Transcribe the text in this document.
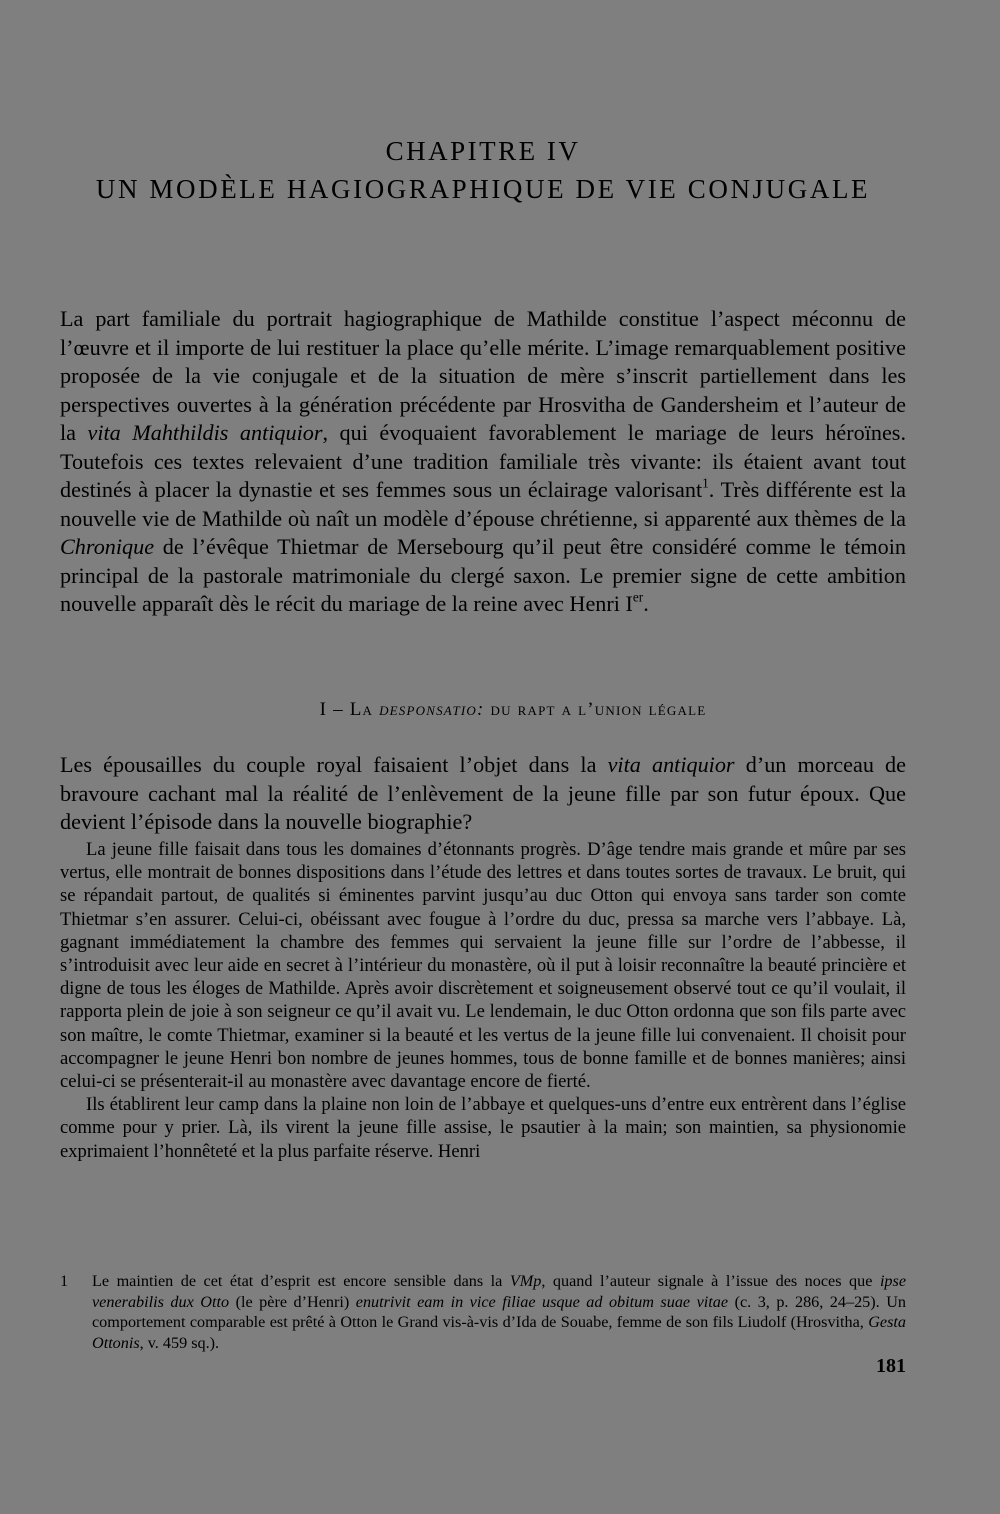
CHAPITRE IV
UN MODÈLE HAGIOGRAPHIQUE DE VIE CONJUGALE

La part familiale du portrait hagiographique de Mathilde constitue l’aspect méconnu de l’œuvre et il importe de lui restituer la place qu’elle mérite. L’image remarquablement positive proposée de la vie conjugale et de la situation de mère s’inscrit partiellement dans les perspectives ouvertes à la génération précédente par Hrosvitha de Gandersheim et l’auteur de la vita Mahthildis antiquior, qui évoquaient favorablement le mariage de leurs héroïnes. Toutefois ces textes relevaient d’une tradition familiale très vivante: ils étaient avant tout destinés à placer la dynastie et ses femmes sous un éclairage valorisant$^1$. Très différente est la nouvelle vie de Mathilde où naît un modèle d’épouse chrétienne, si apparenté aux thèmes de la Chronique de l’évêque Thietmar de Mersebourg qu’il peut être considéré comme le témoin principal de la pastorale matrimoniale du clergé saxon. Le premier signe de cette ambition nouvelle apparaît dès le récit du mariage de la reine avec Henri Ier.

I – La desponsatio: du rapt a l’union légale

Les épousailles du couple royal faisaient l’objet dans la vita antiquior d’un morceau de bravoure cachant mal la réalité de l’enlèvement de la jeune fille par son futur époux. Que devient l’épisode dans la nouvelle biographie?

La jeune fille faisait dans tous les domaines d’étonnants progrès. D’âge tendre mais grande et mûre par ses vertus, elle montrait de bonnes dispositions dans l’étude des lettres et dans toutes sortes de travaux. Le bruit, qui se répandait partout, de qualités si éminentes parvint jusqu’au duc Otton qui envoya sans tarder son comte Thietmar s’en assurer. Celui-ci, obéissant avec fougue à l’ordre du duc, pressa sa marche vers l’abbaye. Là, gagnant immédiatement la chambre des femmes qui servaient la jeune fille sur l’ordre de l’abbesse, il s’introduisit avec leur aide en secret à l’intérieur du monastère, où il put à loisir reconnaître la beauté princière et digne de tous les éloges de Mathilde. Après avoir discrètement et soigneusement observé tout ce qu’il voulait, il rapporta plein de joie à son seigneur ce qu’il avait vu. Le lendemain, le duc Otton ordonna que son fils parte avec son maître, le comte Thietmar, examiner si la beauté et les vertus de la jeune fille lui convenaient. Il choisit pour accompagner le jeune Henri bon nombre de jeunes hommes, tous de bonne famille et de bonnes manières; ainsi celui-ci se présenterait-il au monastère avec davantage encore de fierté.

Ils établirent leur camp dans la plaine non loin de l’abbaye et quelques-uns d’entre eux entrèrent dans l’église comme pour y prier. Là, ils virent la jeune fille assise, le psautier à la main; son maintien, sa physionomie exprimaient l’honnêteté et la plus parfaite réserve. Henri

1 Le maintien de cet état d’esprit est encore sensible dans la VMp, quand l’auteur signale à l’issue des noces que ipse venerabilis dux Otto (le père d’Henri) enutrivit eam in vice filiae usque ad obitum suae vitae (c. 3, p. 286, 24–25). Un comportement comparable est prêté à Otton le Grand vis-à-vis d’Ida de Souabe, femme de son fils Liudolf (Hrosvitha, Gesta Ottonis, v. 459 sq.).

181
